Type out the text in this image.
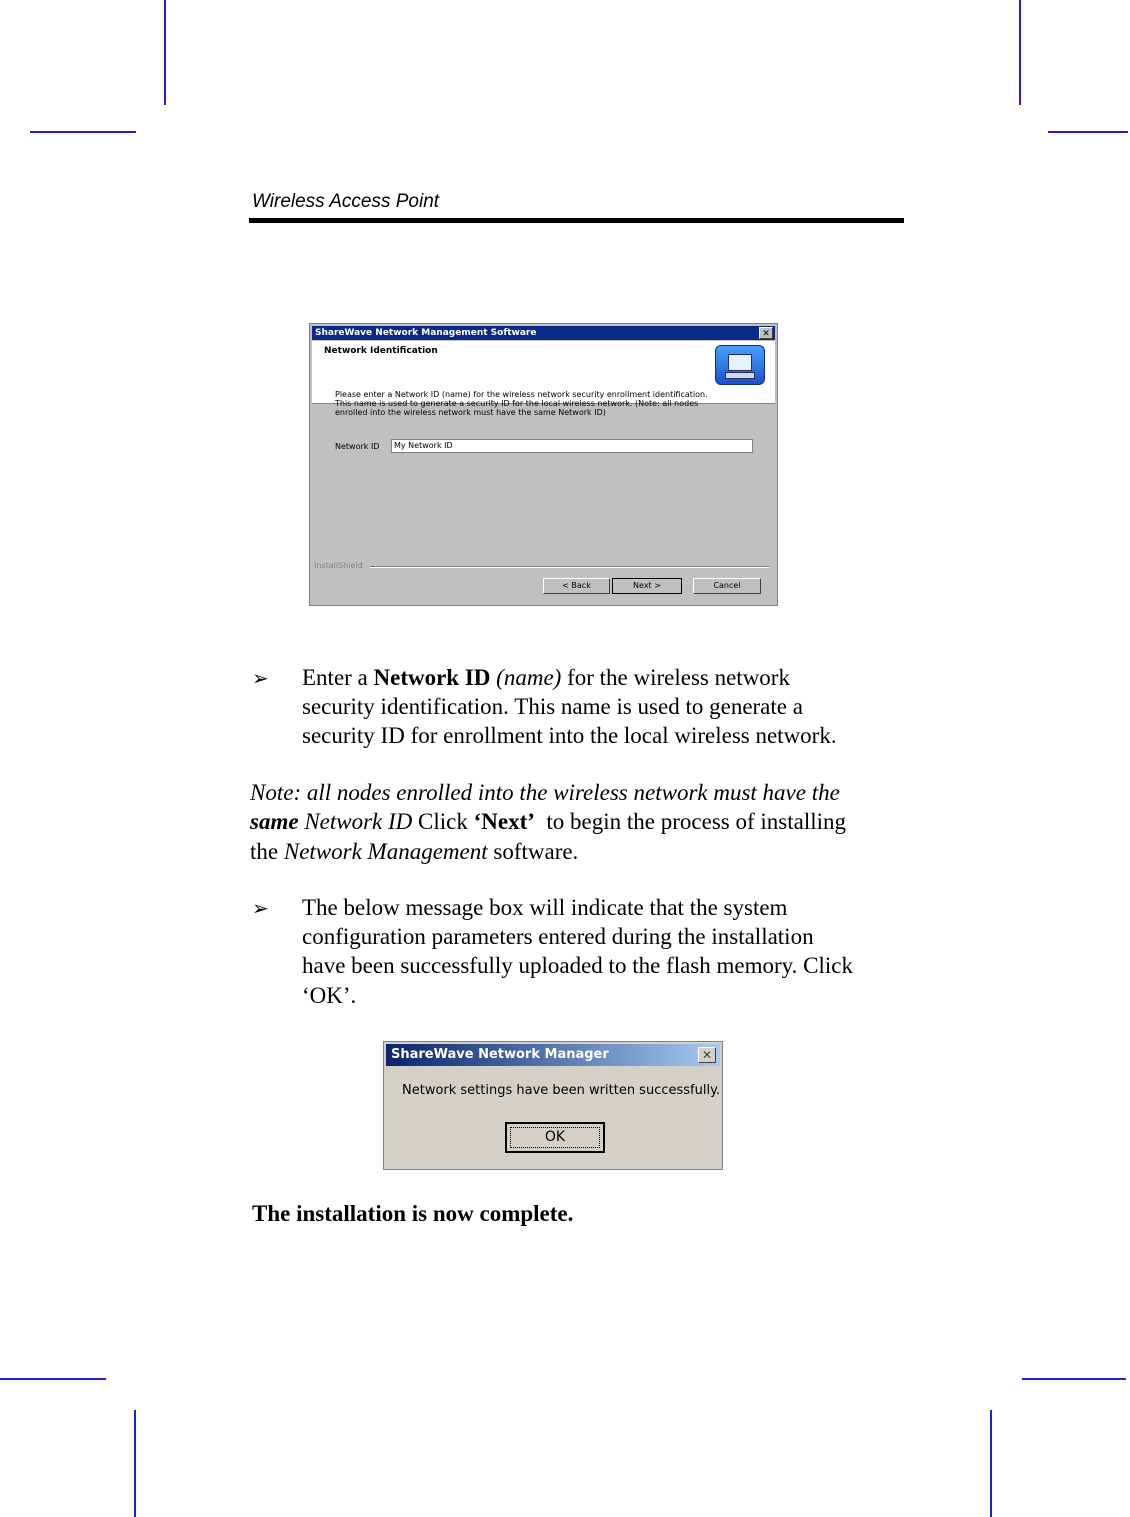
Wireless Access Point
ShareWave Network Management Software	✕
Network Identification
Please enter a Network ID (name) for the wireless network security enrollment identification.
This name is used to generate a security ID for the local wireless network. (Note: all nodes
enrolled into the wireless network must have the same Network ID)
Network ID	My Network ID
InstallShield
< Back	Next >	Cancel
➢ Enter a Network ID (name) for the wireless network
security identification. This name is used to generate a
security ID for enrollment into the local wireless network.
Note: all nodes enrolled into the wireless network must have the
same Network ID Click ‘Next’  to begin the process of installing
the Network Management software.
➢ The below message box will indicate that the system
configuration parameters entered during the installation
have been successfully uploaded to the flash memory. Click
‘OK’.
ShareWave Network Manager	✕
Network settings have been written successfully.
OK
The installation is now complete.
